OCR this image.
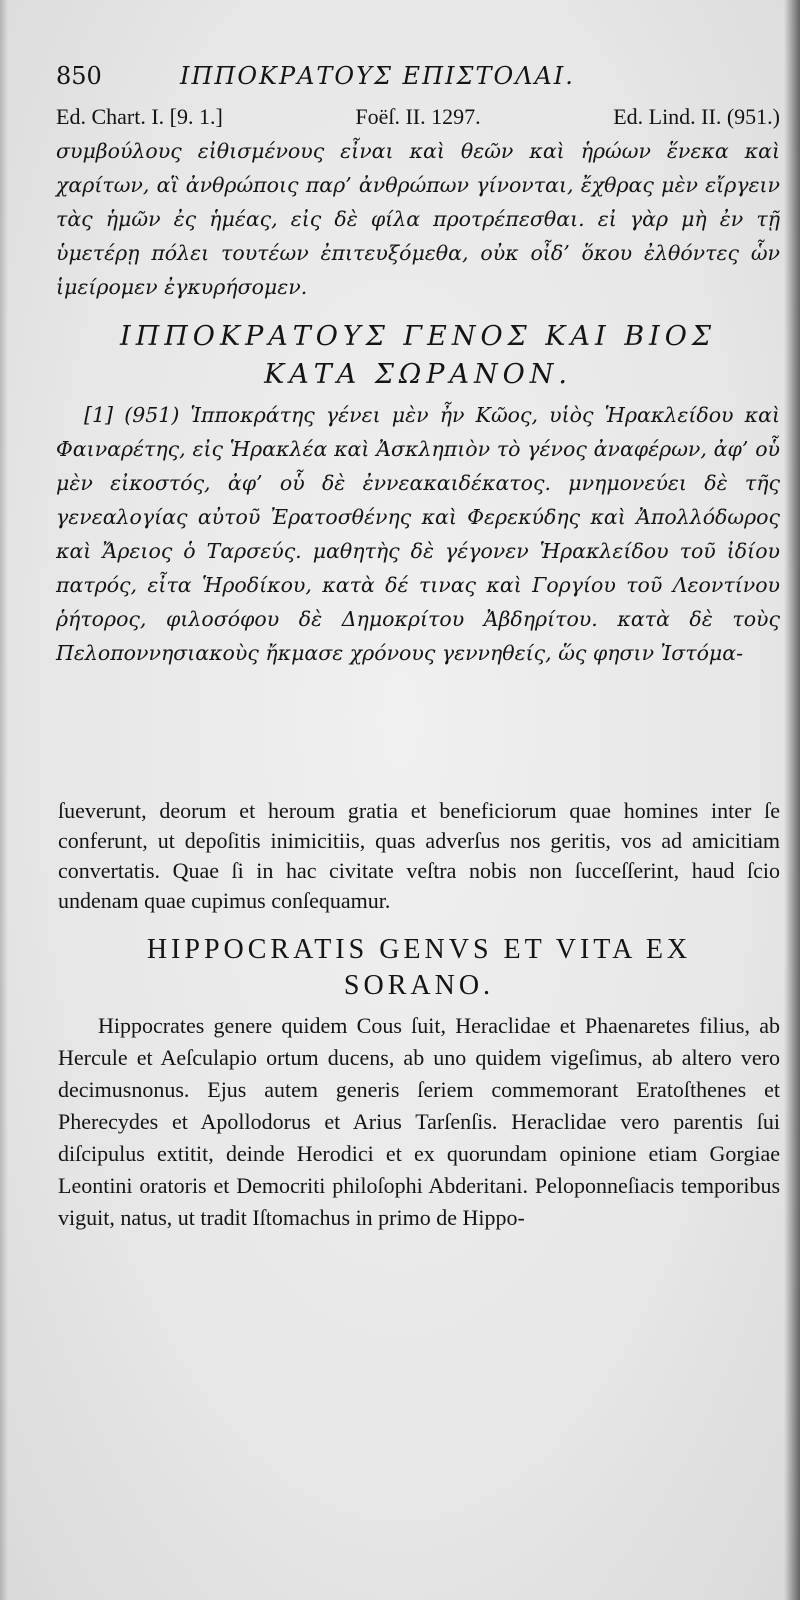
850	ΙΠΠΟΚΡΑΤΟΥΣ ΕΠΙΣΤΟΛΑΙ.
Ed. Chart. I. [9. 1.]	Foëſ. II. 1297.	Ed. Lind. II. (951.)

συμβούλους εἰθισμένους εἶναι καὶ θεῶν καὶ ἡρώων ἕνεκα καὶ χαρίτων, αἳ ἀνθρώποις παρ’ ἀνθρώπων γίνονται, ἔχθρας μὲν εἴργειν τὰς ἡμῶν ἐς ἡμέας, εἰς δὲ φίλα προτρέπεσθαι. εἰ γὰρ μὴ ἐν τῇ ὑμετέρῃ πόλει τουτέων ἐπιτευξόμεθα, οὐκ οἶδ’ ὅκου ἐλθόντες ὧν ἱμείρομεν ἐγκυρήσομεν.

ΙΠΠΟΚΡΑΤΟΥΣ ΓΕΝΟΣ ΚΑΙ ΒΙΟΣ
ΚΑΤΑ ΣΩΡΑΝΟΝ.

[1] (951) Ἱπποκράτης γένει μὲν ἦν Κῶος, υἱὸς Ἡρακλείδου καὶ Φαιναρέτης, εἰς Ἡρακλέα καὶ Ἀσκληπιὸν τὸ γένος ἀναφέρων, ἀφ’ οὗ μὲν εἰκοστός, ἀφ’ οὗ δὲ ἐννεακαιδέκατος. μνημονεύει δὲ τῆς γενεαλογίας αὐτοῦ Ἐρατοσθένης καὶ Φερεκύδης καὶ Ἀπολλόδωρος καὶ Ἄρειος ὁ Ταρσεύς. μαθητὴς δὲ γέγονεν Ἡρακλείδου τοῦ ἰδίου πατρός, εἶτα Ἡροδίκου, κατὰ δέ τινας καὶ Γοργίου τοῦ Λεοντίνου ῥήτορος, φιλοσόφου δὲ Δημοκρίτου Ἀβδηρίτου. κατὰ δὲ τοὺς Πελοποννησιακοὺς ἤκμασε χρόνους γεννηθείς, ὥς φησιν Ἰστόμα-

ſueverunt, deorum et heroum gratia et beneficiorum quae homines inter ſe conferunt, ut depoſitis inimicitiis, quas adverſus nos geritis, vos ad amicitiam convertatis. Quae ſi in hac civitate veſtra nobis non ſucceſſerint, haud ſcio undenam quae cupimus conſequamur.

HIPPOCRATIS GENVS ET VITA EX
SORANO.

Hippocrates genere quidem Cous ſuit, Heraclidae et Phaenaretes filius, ab Hercule et Aeſculapio ortum ducens, ab uno quidem vigeſimus, ab altero vero decimusnonus. Ejus autem generis ſeriem commemorant Eratoſthenes et Pherecydes et Apollodorus et Arius Tarſenſis. Heraclidae vero parentis ſui diſcipulus extitit, deinde Herodici et ex quorundam opinione etiam Gorgiae Leontini oratoris et Democriti philoſophi Abderitani. Peloponneſiacis temporibus viguit, natus, ut tradit Iſtomachus in primo de Hippo-
